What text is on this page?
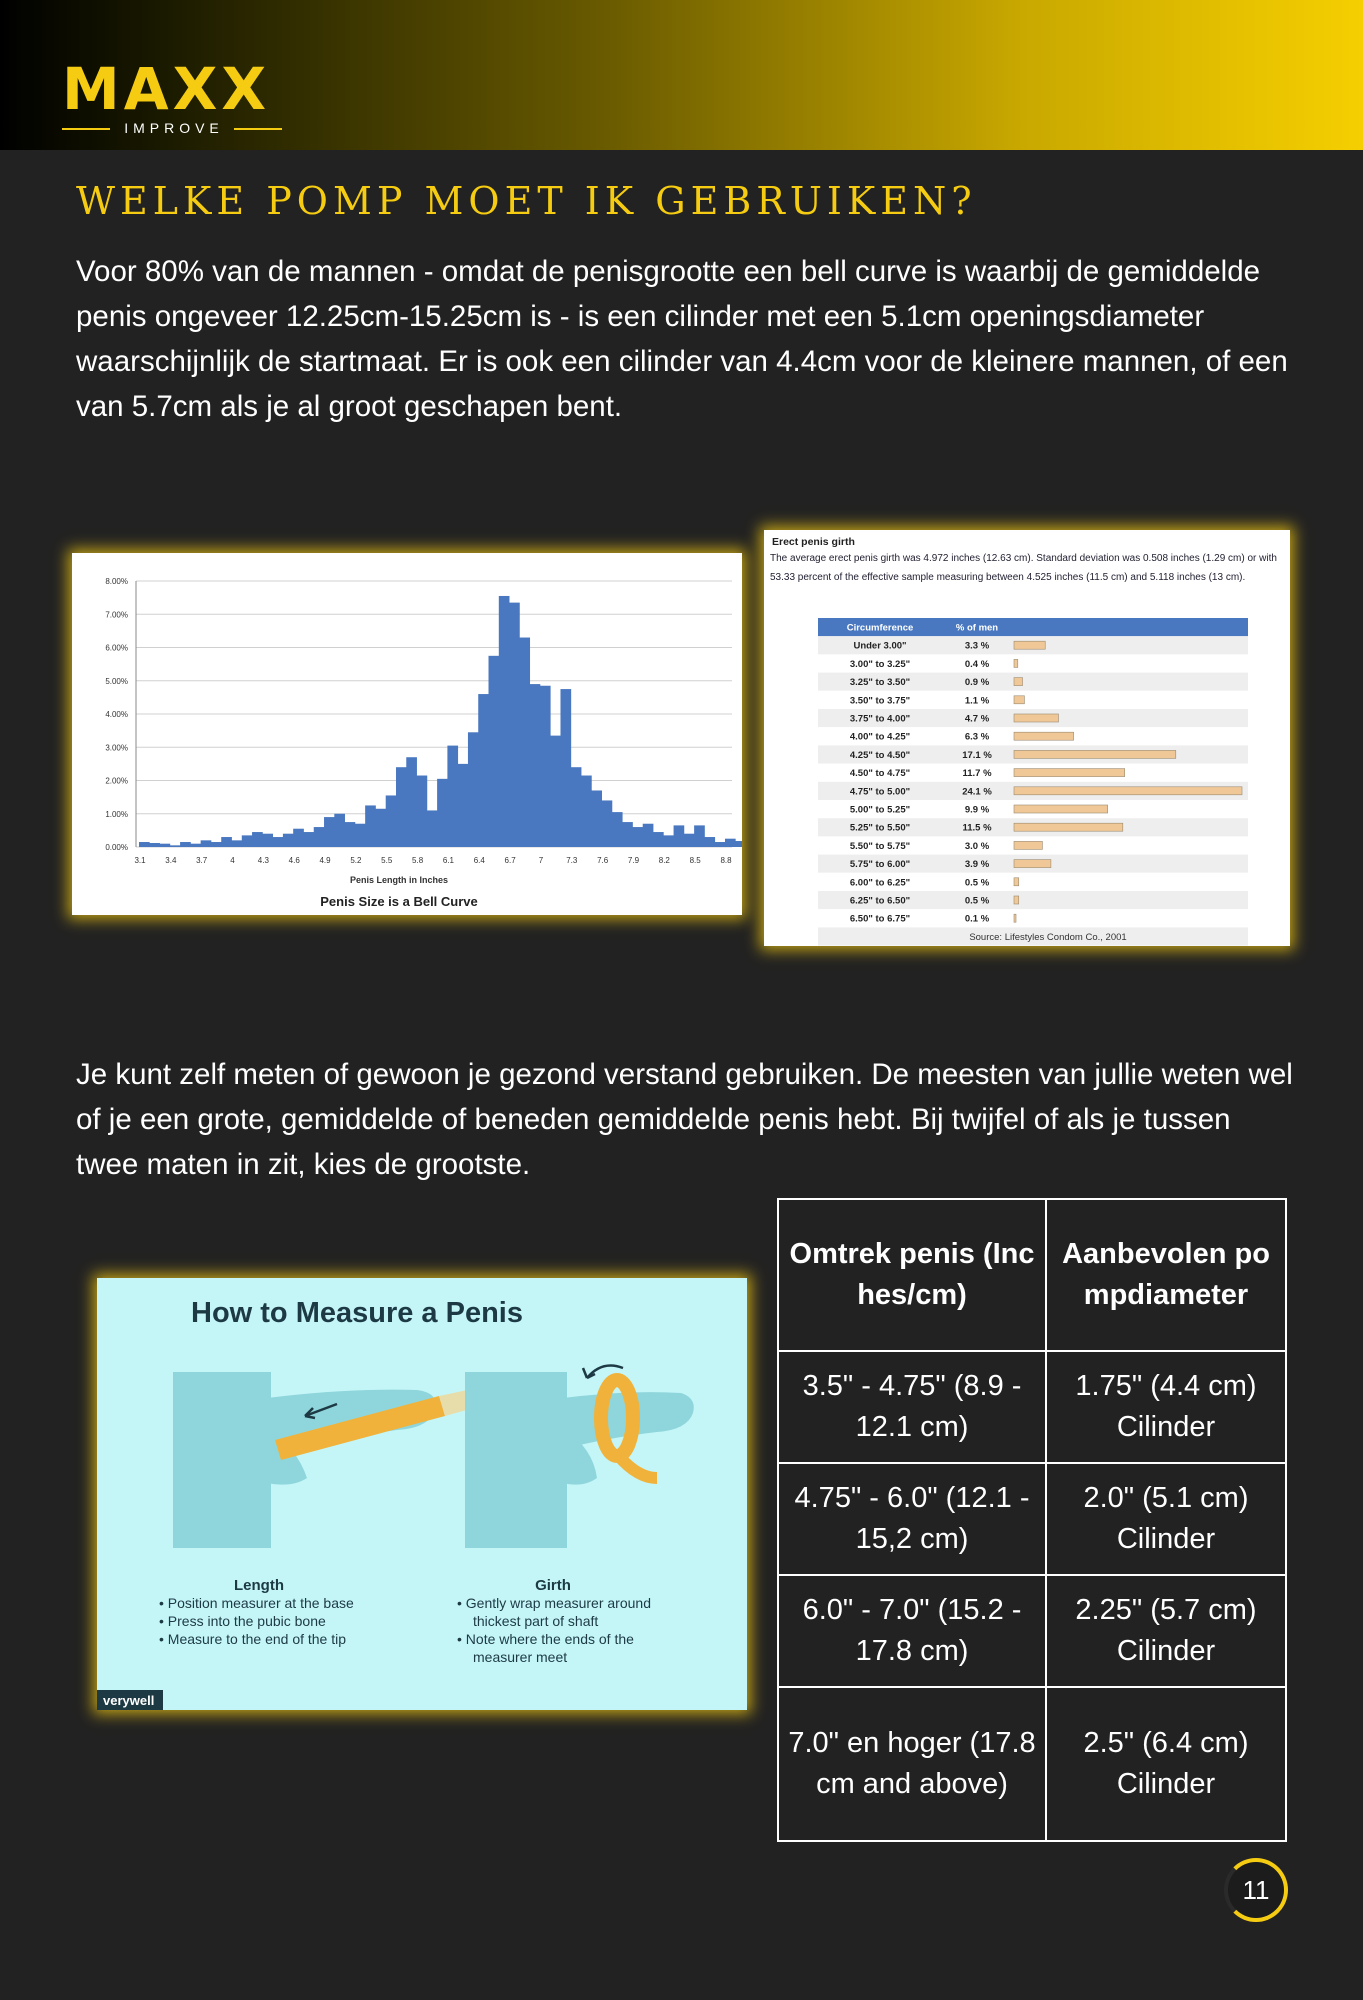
MAXX
IMPROVE
WELKE POMP MOET IK GEBRUIKEN?
Voor 80% van de mannen - omdat de penisgrootte een bell curve is waarbij de gemiddelde penis ongeveer 12.25cm-15.25cm is - is een cilinder met een 5.1cm openingsdiameter waarschijnlijk de startmaat. Er is ook een cilinder van 4.4cm voor de kleinere mannen, of een van 5.7cm als je al groot geschapen bent.
0.00%
1.00%
2.00%
3.00%
4.00%
5.00%
6.00%
7.00%
8.00%
3.1 3.4 3.7	4	4.3 4.6 4.9 5.2 5.5 5.8 6.1 6.4 6.7	7	7.3 7.6 7.9 8.2 8.5 8.8
Penis Length in Inches
Penis Size is a Bell Curve
Erect penis girth
The average erect penis girth was 4.972 inches (12.63 cm). Standard deviation was 0.508 inches (1.29 cm) or with 53.33 percent of the effective sample measuring between 4.525 inches (11.5 cm) and 5.118 inches (13 cm).
Circumference	% of men
Under 3.00"	3.3 %
3.00" to 3.25"	0.4 %
3.25" to 3.50"	0.9 %
3.50" to 3.75"	1.1 %
3.75" to 4.00"	4.7 %
4.00" to 4.25"	6.3 %
4.25" to 4.50"	17.1 %
4.50" to 4.75"	11.7 %
4.75" to 5.00"	24.1 %
5.00" to 5.25"	9.9 %
5.25" to 5.50"	11.5 %
5.50" to 5.75"	3.0 %
5.75" to 6.00"	3.9 %
6.00" to 6.25"	0.5 %
6.25" to 6.50"	0.5 %
6.50" to 6.75"	0.1 %
Source: Lifestyles Condom Co., 2001
Je kunt zelf meten of gewoon je gezond verstand gebruiken. De meesten van jullie weten wel of je een grote, gemiddelde of beneden gemiddelde penis hebt. Bij twijfel of als je tussen twee maten in zit, kies de grootste.
How to Measure a Penis
Length
• Position measurer at the base
• Press into the pubic bone
• Measure to the end of the tip
Girth
• Gently wrap measurer around
thickest part of shaft
• Note where the ends of the
measurer meet
verywell
Omtrek penis (Inches/cm)	Aanbevolen pompdiameter
3.5" - 4.75" (8.9 - 12.1 cm)	1.75" (4.4 cm) Cilinder
4.75" - 6.0" (12.1 - 15,2 cm)	2.0" (5.1 cm) Cilinder
6.0" - 7.0" (15.2 - 17.8 cm)	2.25" (5.7 cm) Cilinder
7.0" en hoger (17.8 cm and above)	2.5" (6.4 cm) Cilinder
11
